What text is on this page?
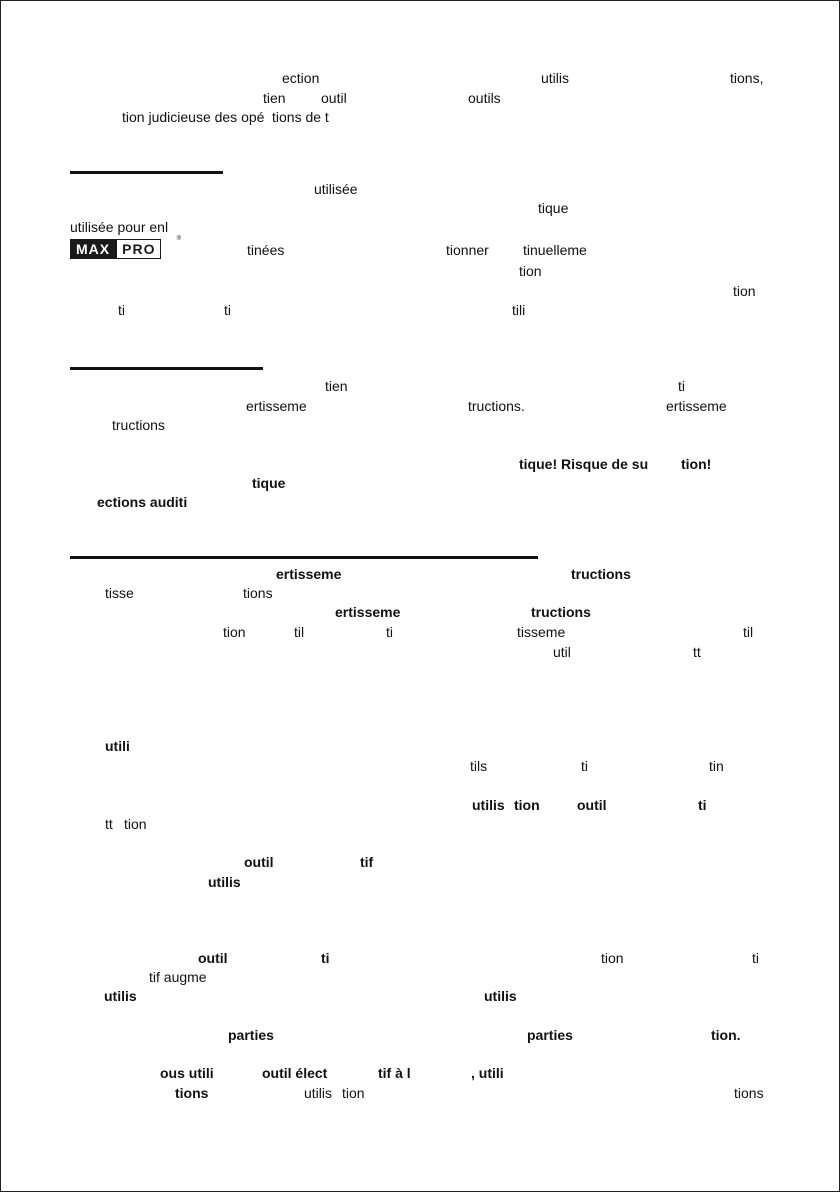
ection	utilis	tions,
tien	outil	outils
tion judicieuse des opé tions de t
utilisée
tique
utilisée pour enl
MAX PRO
®
tinées	tionner tinuelleme
tion
tion
ti	ti	tili
tien	ti
ertisseme	tructions.	ertisseme
tructions
tique! Risque de su tion!
tique
ections auditi
ertisseme	tructions
tisse	tions
ertisseme	tructions
tion	til	ti	tisseme	til
util	tt
utili
tils	ti	tin
utilis tion	outil	ti
tt tion
outil	tif
utilis
outil	ti	tion	ti
tif augme
utilis	utilis
parties	parties	tion.
ous utili	outil élect	tif à l	, utili
tions	utilis tion	tions
